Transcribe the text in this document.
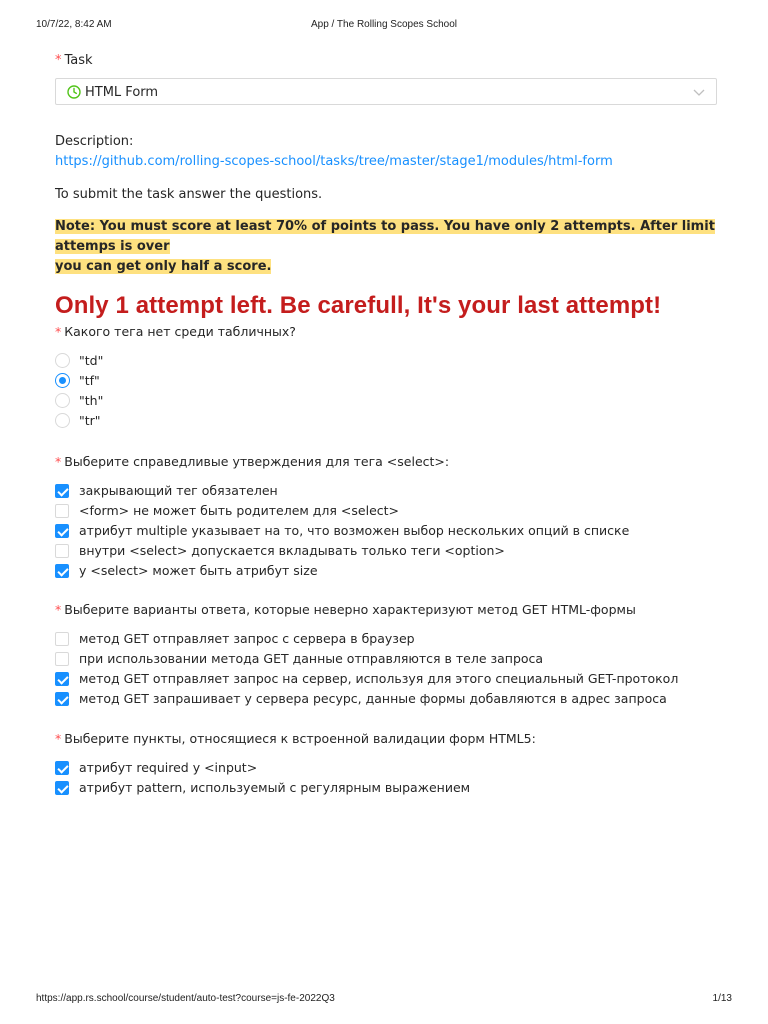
10/7/22, 8:42 AM	App / The Rolling Scopes School
* Task
HTML Form
Description:
https://github.com/rolling-scopes-school/tasks/tree/master/stage1/modules/html-form
To submit the task answer the questions.
Note: You must score at least 70% of points to pass. You have only 2 attempts. After limit attemps is over
you can get only half a score.
Only 1 attempt left. Be carefull, It's your last attempt!
* Какого тега нет среди табличных?
"td"
"tf"
"th"
"tr"
* Выберите справедливые утверждения для тега <select>:
закрывающий тег обязателен
<form> не может быть родителем для <select>
атрибут multiple указывает на то, что возможен выбор нескольких опций в списке
внутри <select> допускается вкладывать только теги <option>
у <select> может быть атрибут size
* Выберите варианты ответа, которые неверно характеризуют метод GET HTML-формы
метод GET отправляет запрос с сервера в браузер
при использовании метода GET данные отправляются в теле запроса
метод GET отправляет запрос на сервер, используя для этого специальный GET-протокол
метод GET запрашивает у сервера ресурс, данные формы добавляются в адрес запроса
* Выберите пункты, относящиеся к встроенной валидации форм HTML5:
атрибут required у <input>
атрибут pattern, используемый с регулярным выражением
https://app.rs.school/course/student/auto-test?course=js-fe-2022Q3	1/13
